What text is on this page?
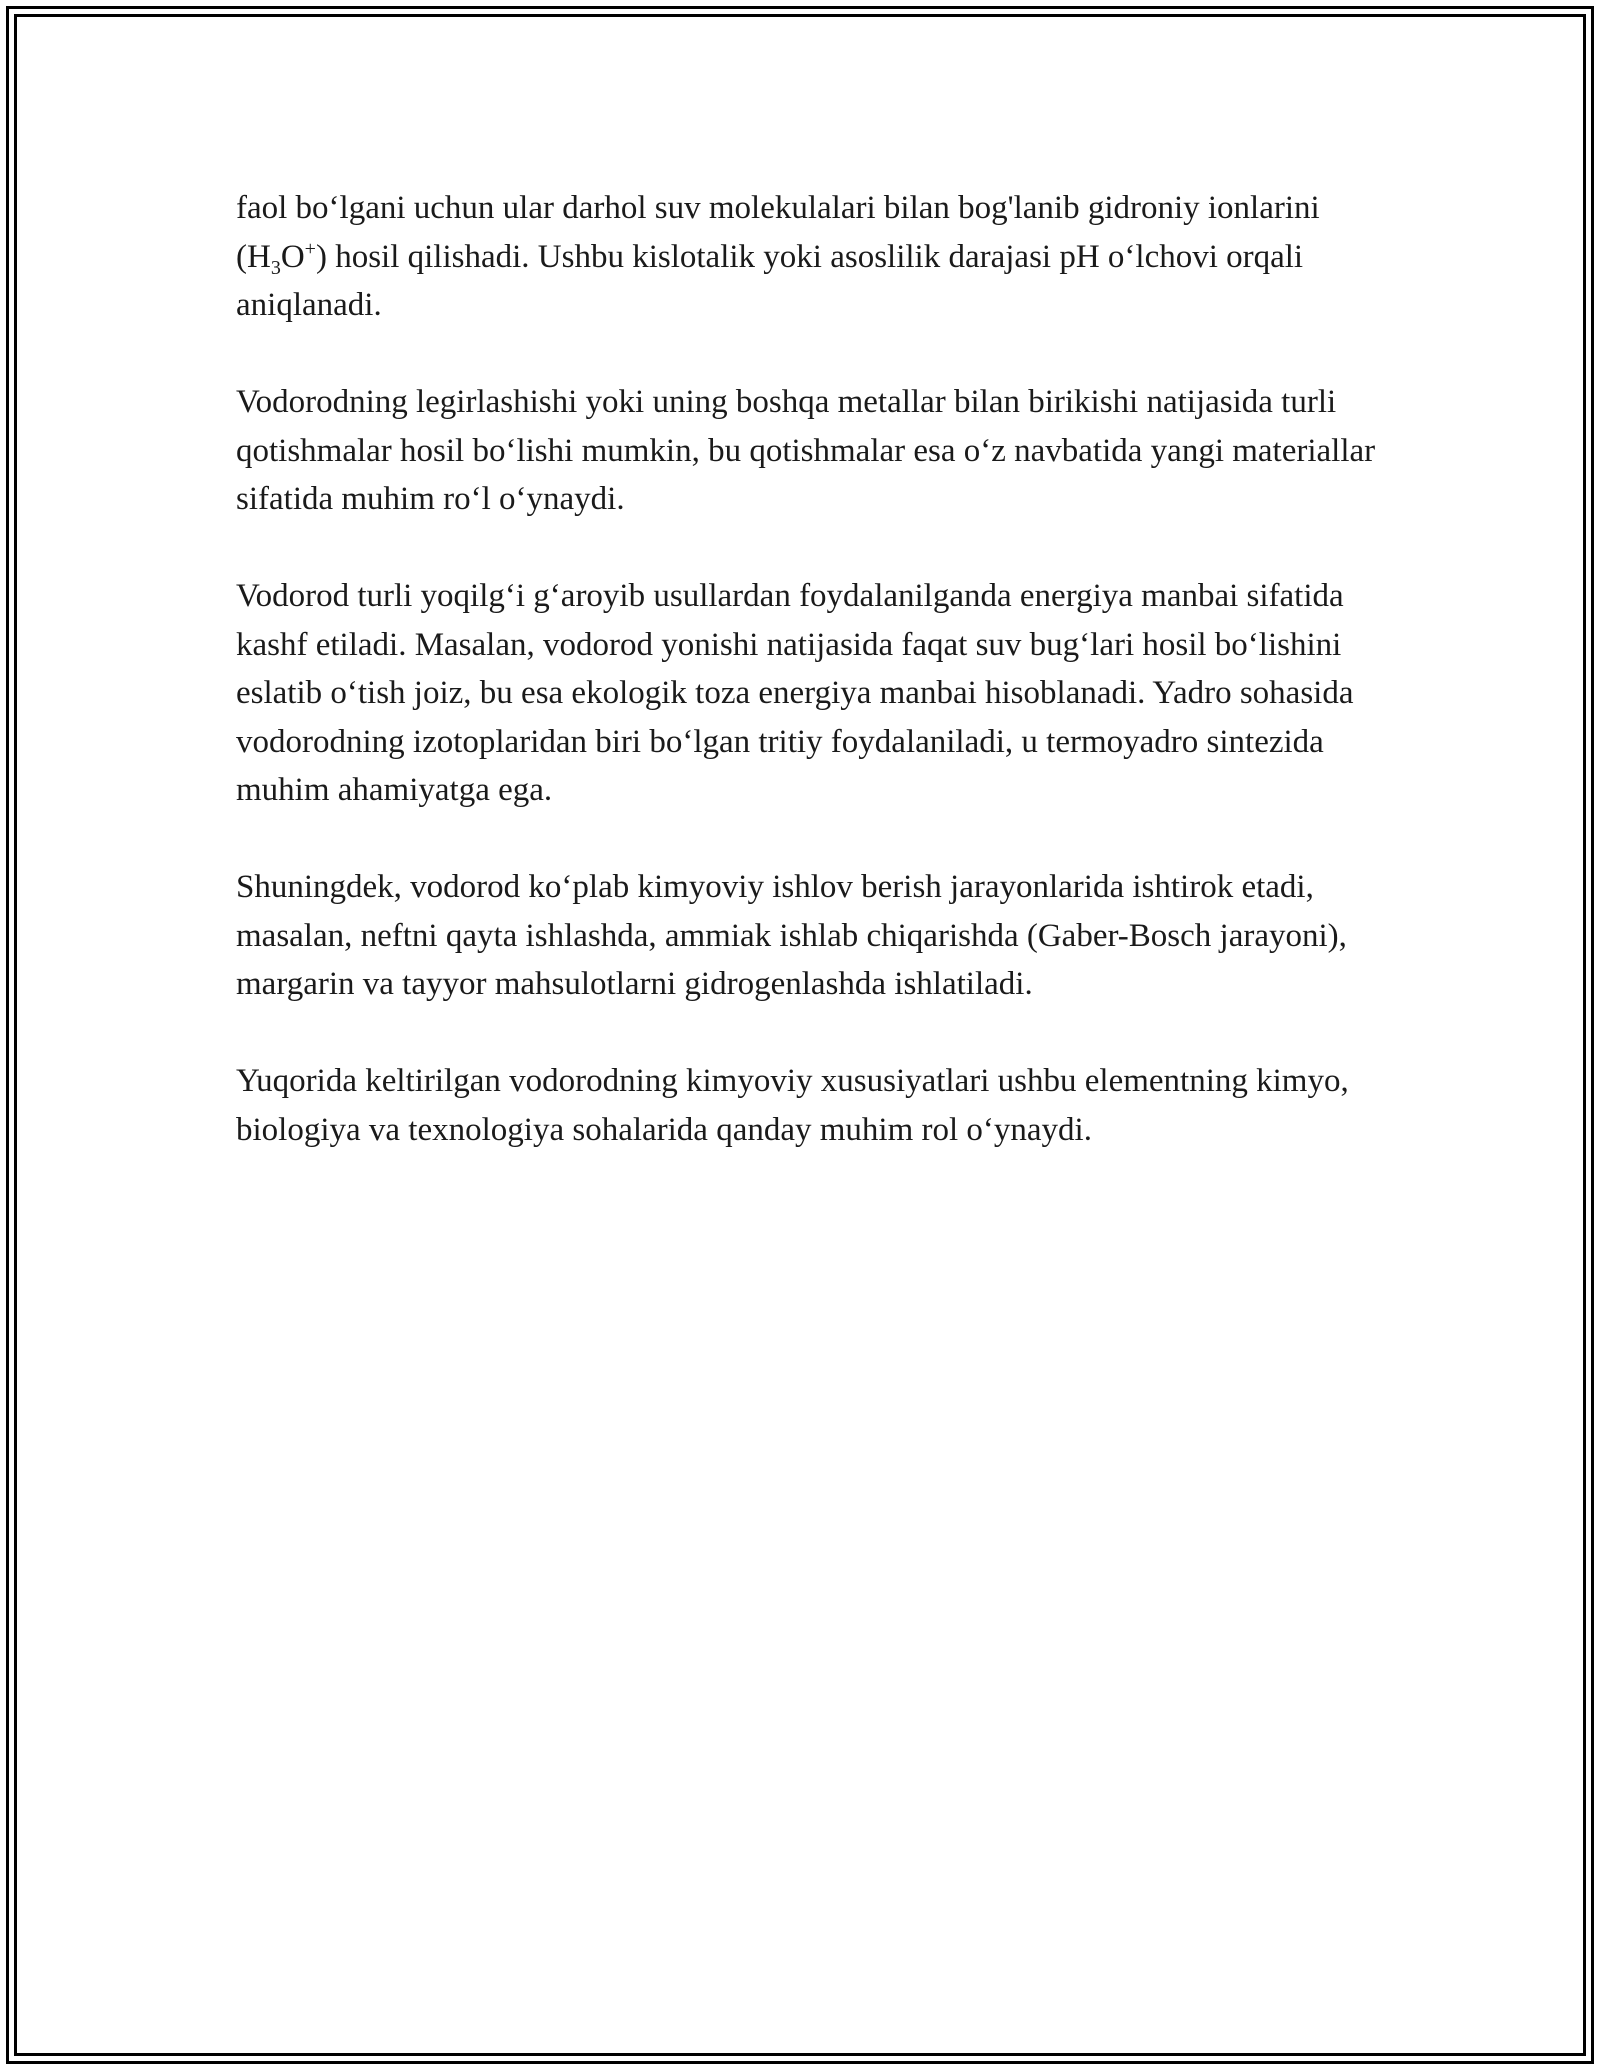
faol bo‘lgani uchun ular darhol suv molekulalari bilan bog'lanib gidroniy ionlarini $(H_3O^+)$ hosil qilishadi. Ushbu kislotalik yoki asoslilik darajasi pH o‘lchovi orqali aniqlanadi.

Vodorodning legirlashishi yoki uning boshqa metallar bilan birikishi natijasida turli qotishmalar hosil bo‘lishi mumkin, bu qotishmalar esa o‘z navbatida yangi materiallar sifatida muhim ro‘l o‘ynaydi.

Vodorod turli yoqilg‘i g‘aroyib usullardan foydalanilganda energiya manbai sifatida kashf etiladi. Masalan, vodorod yonishi natijasida faqat suv bug‘lari hosil bo‘lishini eslatib o‘tish joiz, bu esa ekologik toza energiya manbai hisoblanadi. Yadro sohasida vodorodning izotoplaridan biri bo‘lgan tritiy foydalaniladi, u termoyadro sintezida muhim ahamiyatga ega.

Shuningdek, vodorod ko‘plab kimyoviy ishlov berish jarayonlarida ishtirok etadi, masalan, neftni qayta ishlashda, ammiak ishlab chiqarishda (Gaber-Bosch jarayoni), margarin va tayyor mahsulotlarni gidrogenlashda ishlatiladi.

Yuqorida keltirilgan vodorodning kimyoviy xususiyatlari ushbu elementning kimyo, biologiya va texnologiya sohalarida qanday muhim rol o‘ynaydi.
